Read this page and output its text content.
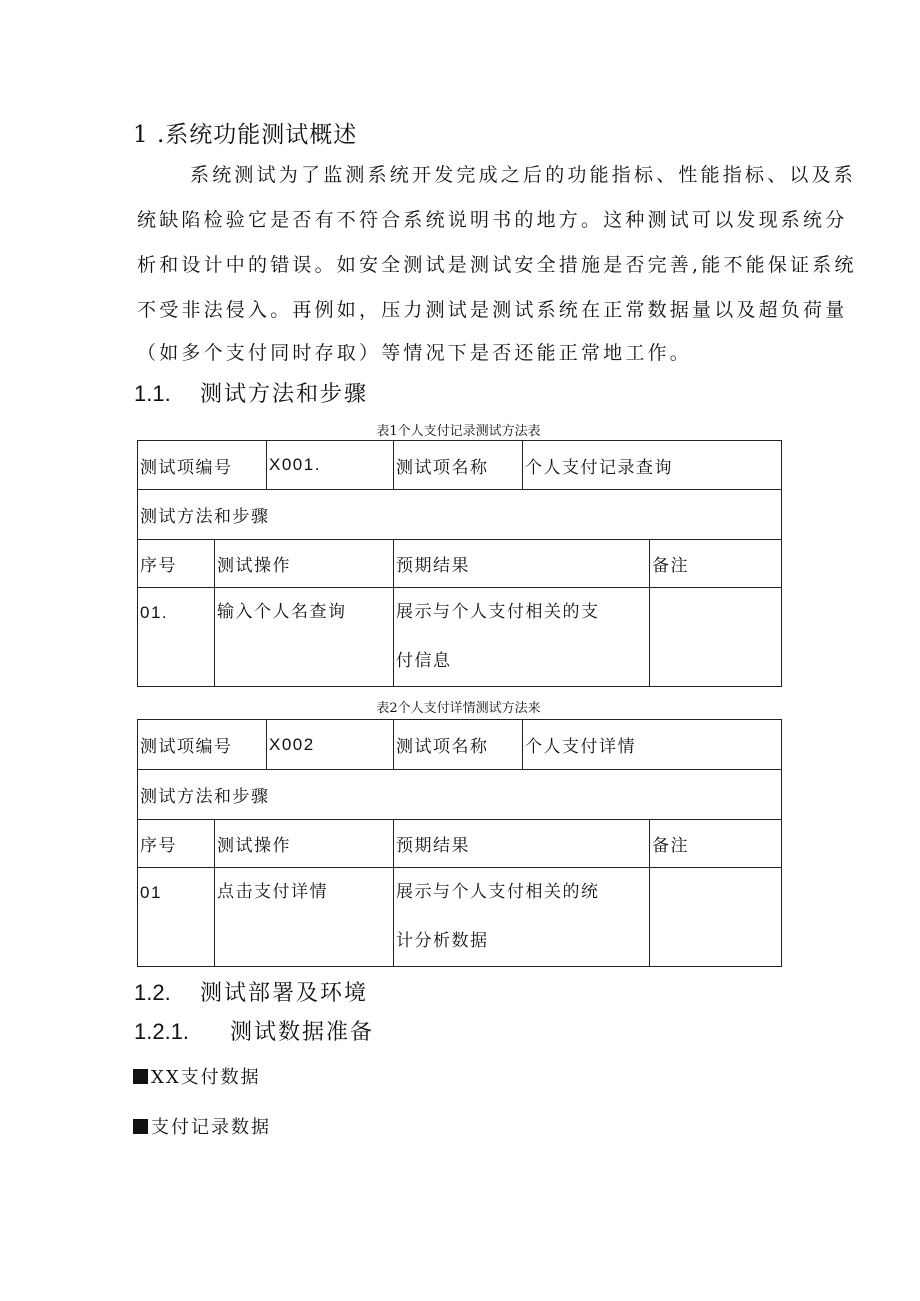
1 .系统功能测试概述
系统测试为了监测系统开发完成之后的功能指标、性能指标、以及系
统缺陷检验它是否有不符合系统说明书的地方。这种测试可以发现系统分
析和设计中的错误。如安全测试是测试安全措施是否完善,能不能保证系统
不受非法侵入。再例如，压力测试是测试系统在正常数据量以及超负荷量
（如多个支付同时存取）等情况下是否还能正常地工作。
1.1. 测试方法和步骤
表1个人支付记录测试方法表
测试项编号		X001.	测试项名称	个人支付记录查询	
测试方法和步骤					
序号	测试操作		预期结果		备注
01.	输入个人名查询		展示与个人支付相关的支
付信息		
表2个人支付详情测试方法来
测试项编号		X002	测试项名称	个人支付详情	
测试方法和步骤					
序号	测试操作		预期结果		备注
01	点击支付详情		展示与个人支付相关的统
计分析数据		
1.2. 测试部署及环境
1.2.1. 测试数据准备
XX支付数据
支付记录数据
